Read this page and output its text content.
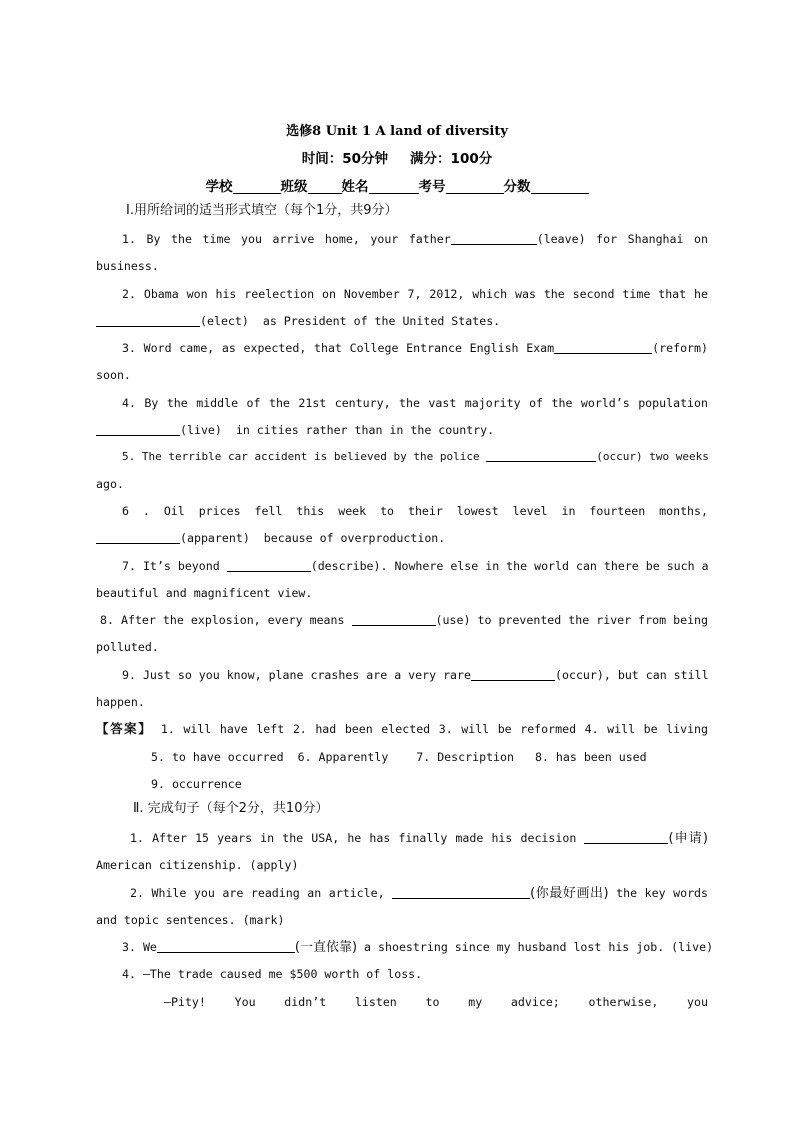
选修8 Unit 1 A land of diversity
时间：50分钟 满分：100分
学校	班级	姓名	考号	分数
Ⅰ.用所给词的适当形式填空（每个1分，共9分）
1. By the time you arrive home, your father	(leave) for Shanghai on
business.
2. Obama won his reelection on November 7, 2012, which was the second time that he
(elect) as President of the United States.
3. Word came, as expected, that College Entrance English Exam	(reform)
soon.
4. By the middle of the 21st century, the vast majority of the world’s population
(live) in cities rather than in the country.
5. The terrible car accident is believed by the police	(occur) two weeks
ago.
6 . Oil prices fell this week to their lowest level in fourteen months,
(apparent) because of overproduction.
7. It’s beyond	(describe). Nowhere else in the world can there be such a
beautiful and magnificent view.
8. After the explosion, every means	(use) to prevented the river from being
polluted.
9. Just so you know, plane crashes are a very rare	(occur), but can still
happen.
【答案】 1. will have left 2. had been elected 3. will be reformed 4. will be living
5. to have occurred 6. Apparently 7. Description 8. has been used
9. occurrence
Ⅱ. 完成句子（每个2分，共10分）
1. After 15 years in the USA, he has finally made his decision	(申请)
American citizenship. (apply)
2. While you are reading an article,	(你最好画出) the key words
and topic sentences. (mark)
3. We	(一直依靠) a shoestring since my husband lost his job. (live)
4. —The trade caused me $500 worth of loss.
—Pity! You didn’t listen to my advice; otherwise, you
